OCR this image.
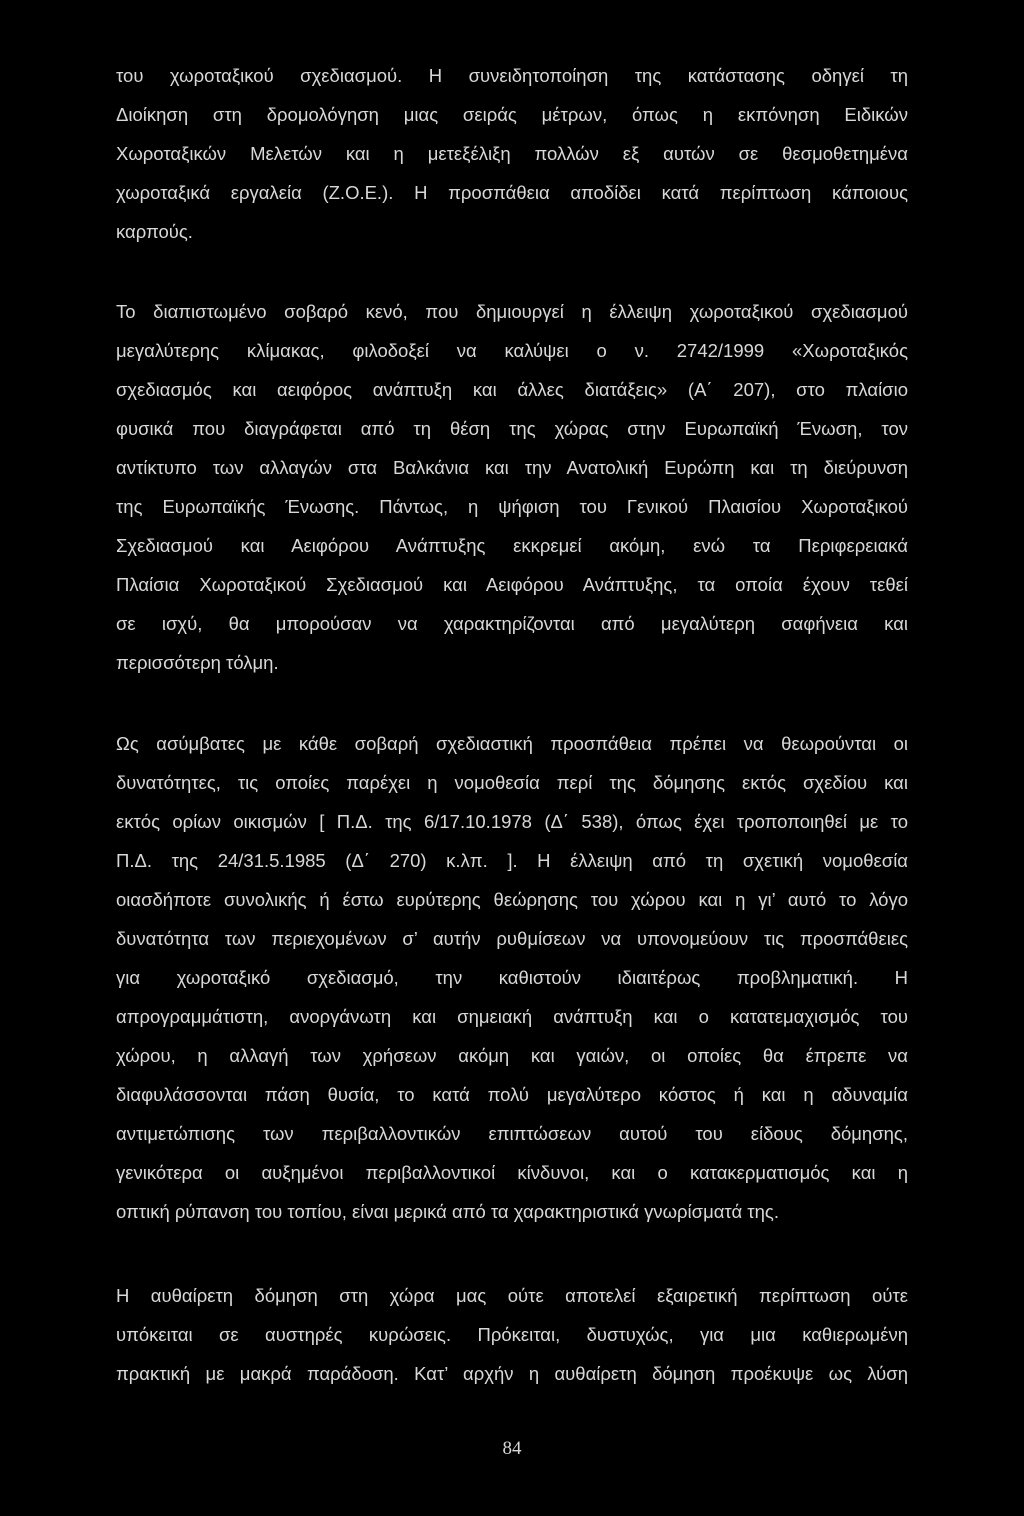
του χωροταξικού σχεδιασμού. Η συνειδητοποίηση της κατάστασης οδηγεί τη
Διοίκηση στη δρομολόγηση μιας σειράς μέτρων, όπως η εκπόνηση Ειδικών
Χωροταξικών Μελετών και η μετεξέλιξη πολλών εξ αυτών σε θεσμοθετημένα
χωροταξικά εργαλεία (Ζ.Ο.Ε.). Η προσπάθεια αποδίδει κατά περίπτωση κάποιους
καρπούς.
Το διαπιστωμένο σοβαρό κενό, που δημιουργεί η έλλειψη χωροταξικού σχεδιασμού
μεγαλύτερης κλίμακας, φιλοδοξεί να καλύψει ο ν. 2742/1999 «Χωροταξικός
σχεδιασμός και αειφόρος ανάπτυξη και άλλες διατάξεις» (Α΄ 207), στο πλαίσιο
φυσικά που διαγράφεται από τη θέση της χώρας στην Ευρωπαϊκή Ένωση, τον
αντίκτυπο των αλλαγών στα Βαλκάνια και την Ανατολική Ευρώπη και τη διεύρυνση
της Ευρωπαϊκής Ένωσης. Πάντως, η ψήφιση του Γενικού Πλαισίου Χωροταξικού
Σχεδιασμού και Αειφόρου Ανάπτυξης εκκρεμεί ακόμη, ενώ τα Περιφερειακά
Πλαίσια Χωροταξικού Σχεδιασμού και Αειφόρου Ανάπτυξης, τα οποία έχουν τεθεί
σε ισχύ, θα μπορούσαν να χαρακτηρίζονται από μεγαλύτερη σαφήνεια και
περισσότερη τόλμη.
Ως ασύμβατες με κάθε σοβαρή σχεδιαστική προσπάθεια πρέπει να θεωρούνται οι
δυνατότητες, τις οποίες παρέχει η νομοθεσία περί της δόμησης εκτός σχεδίου και
εκτός ορίων οικισμών [ Π.Δ. της 6/17.10.1978 (Δ΄ 538), όπως έχει τροποποιηθεί με το
Π.Δ. της 24/31.5.1985 (Δ΄ 270) κ.λπ. ]. Η έλλειψη από τη σχετική νομοθεσία
οιασδήποτε συνολικής ή έστω ευρύτερης θεώρησης του χώρου και η γι’ αυτό το λόγο
δυνατότητα των περιεχομένων σ’ αυτήν ρυθμίσεων να υπονομεύουν τις προσπάθειες
για χωροταξικό σχεδιασμό, την καθιστούν ιδιαιτέρως προβληματική. Η
απρογραμμάτιστη, ανοργάνωτη και σημειακή ανάπτυξη και ο κατατεμαχισμός του
χώρου, η αλλαγή των χρήσεων ακόμη και γαιών, οι οποίες θα έπρεπε να
διαφυλάσσονται πάση θυσία, το κατά πολύ μεγαλύτερο κόστος ή και η αδυναμία
αντιμετώπισης των περιβαλλοντικών επιπτώσεων αυτού του είδους δόμησης,
γενικότερα οι αυξημένοι περιβαλλοντικοί κίνδυνοι, και ο κατακερματισμός και η
οπτική ρύπανση του τοπίου, είναι μερικά από τα χαρακτηριστικά γνωρίσματά της.
Η αυθαίρετη δόμηση στη χώρα μας ούτε αποτελεί εξαιρετική περίπτωση ούτε
υπόκειται σε αυστηρές κυρώσεις. Πρόκειται, δυστυχώς, για μια καθιερωμένη
πρακτική με μακρά παράδοση. Κατ’ αρχήν η αυθαίρετη δόμηση προέκυψε ως λύση
84
